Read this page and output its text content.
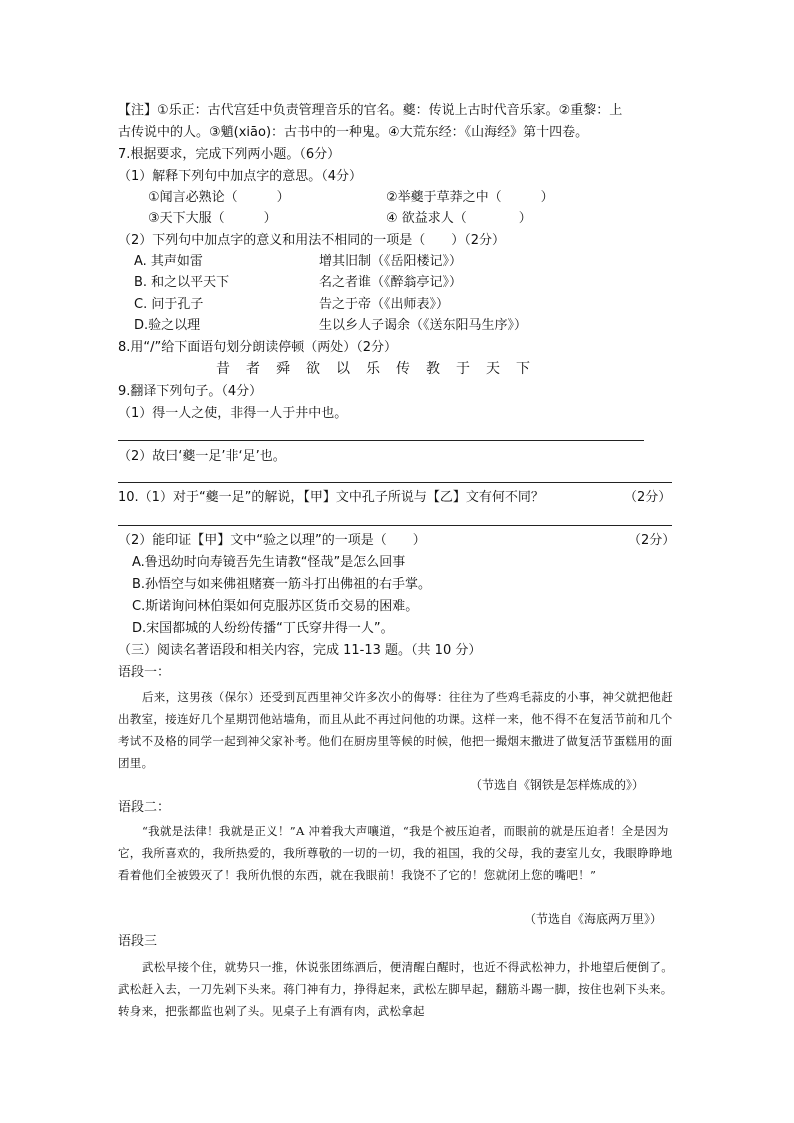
【注】①乐正：古代宫廷中负责管理音乐的官名。夔：传说上古时代音乐家。②重黎：上
古传说中的人。③魈(xiāo)：古书中的一种鬼。④大荒东经：《山海经》第十四卷。
7.根据要求，完成下列两小题。（6分）
（1）解释下列句中加点字的意思。（4分）
①闻言必熟论（　　　）	②举夔于草莽之中（　　　）
③天下大服（　　　）	④ 欲益求人（　　　　）
（2）下列句中加点字的意义和用法不相同的一项是（　　）（2分）
A. 其声如雷	增其旧制（《岳阳楼记》）
B. 和之以平天下	名之者谁（《醉翁亭记》）
C. 问于孔子	告之于帝（《出师表》）
D.验之以理	生以乡人子谒余（《送东阳马生序》）
8.用“/”给下面语句划分朗读停顿（两处）（2分）
昔者舜欲以乐传教于天下
9.翻译下列句子。（4分）
（1）得一人之使，非得一人于井中也。
（2）故曰‘夔一足’非‘足’也。
10.（1）对于“夔一足”的解说，【甲】文中孔子所说与【乙】文有何不同？	（2分）
（2）能印证【甲】文中“验之以理”的一项是（　　）	（2分）
A.鲁迅幼时向寿镜吾先生请教“怪哉”是怎么回事
B.孙悟空与如来佛祖赌赛一筋斗打出佛祖的右手掌。
C.斯诺询问林伯渠如何克服苏区货币交易的困难。
D.宋国都城的人纷纷传播“丁氏穿井得一人”。
（三）阅读名著语段和相关内容，完成 11-13 题。（共 10 分）
语段一：
后来，这男孩（保尔）还受到瓦西里神父许多次小的侮辱：往往为了些鸡毛蒜皮的小事，神父就把他赶出教室，接连好几个星期罚他站墙角，而且从此不再过问他的功课。这样一来，他不得不在复活节前和几个考试不及格的同学一起到神父家补考。他们在厨房里等候的时候，他把一撮烟末撒进了做复活节蛋糕用的面团里。
（节选自《钢铁是怎样炼成的》）
语段二：
“我就是法律！我就是正义！”A 冲着我大声嚷道，“我是个被压迫者，而眼前的就是压迫者！全是因为它，我所喜欢的，我所热爱的，我所尊敬的一切的一切，我的祖国，我的父母，我的妻室儿女，我眼睁睁地看着他们全被毁灭了！我所仇恨的东西，就在我眼前！我饶不了它的！您就闭上您的嘴吧！”
（节选自《海底两万里》）
语段三
武松早接个住，就势只一推，休说张团练酒后，便清醒白醒时，也近不得武松神力，扑地望后便倒了。武松赶入去，一刀先剁下头来。蒋门神有力，挣得起来，武松左脚早起，翻筋斗踢一脚，按住也剁下头来。转身来，把张都监也剁了头。见桌子上有酒有肉，武松拿起
